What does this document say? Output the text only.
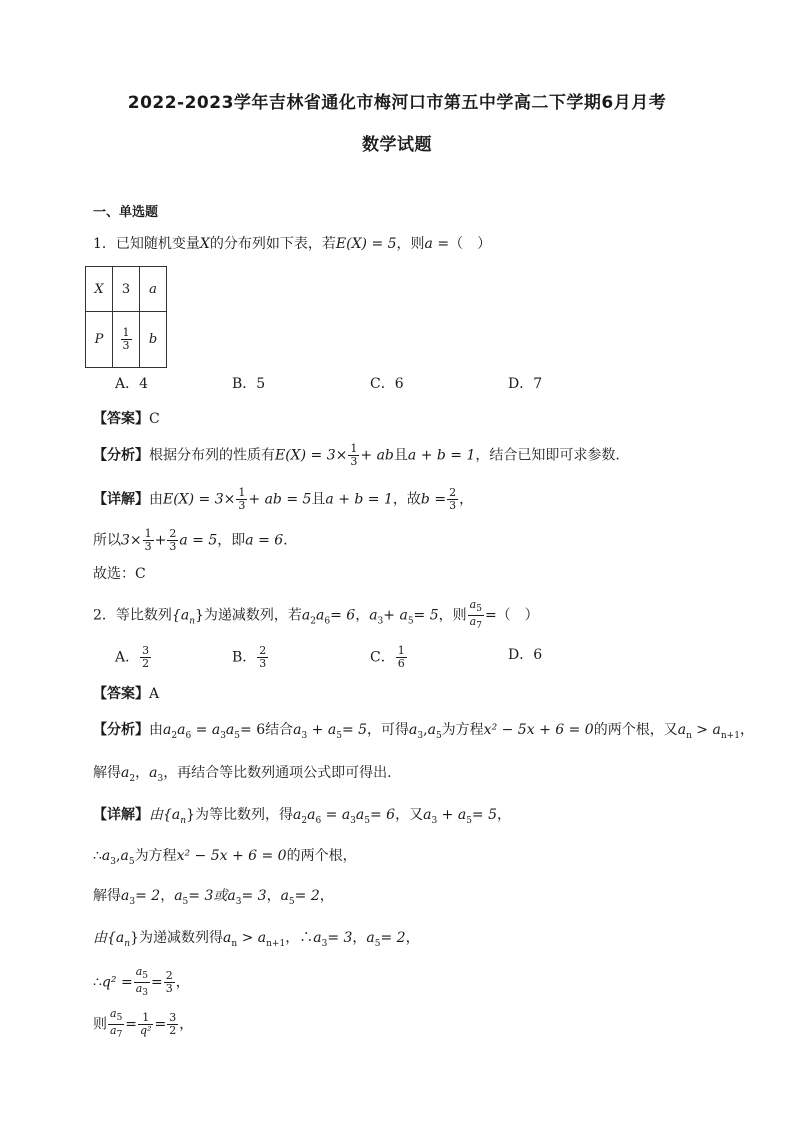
2022-2023学年吉林省通化市梅河口市第五中学高二下学期6月月考
数学试题
一、单选题
1．已知随机变量X的分布列如下表，若E(X) = 5，则a =（　）
X	3	a
P	$\frac{1}{3}$	b
A．4	B．5	C．6	D．7
【答案】C
【分析】根据分布列的性质有$E(X) = 3\times \frac{1}{3}$ + ab且a + b = 1，结合已知即可求参数.
【详解】由$E(X) = 3\times \frac{1}{3}$ + ab = 5且a + b = 1，故$b = \frac{2}{3}$ ，
所以$3\times \frac{1}{3} + \frac{2}{3}$ a = 5，即a = 6.
故选：C
2．等比数列$\{a_n\}$为递减数列，若$a_2a_6= 6$，$a_3+ a_5= 5$，则 $\frac{a_5}{a_7}$ =（　）
A． $\frac{3}{2}$	B． $\frac{2}{3}$	C． $\frac{1}{6}$	D．6
【答案】A
【分析】由$a_2a_6 = a_3a_5= 6$结合$a_3 + a_5= 5$，可得$a_3,a_5$为方程x² − 5x + 6 = 0的两个根，又$a_n > a_{n+1}$，
解得$a_2$，$a_3$，再结合等比数列通项公式即可得出.
【详解】由$\{a_n\}$为等比数列，得$a_2a_6 = a_3a_5= 6$，又$a_3 + a_5= 5$，
$\therefore a_3,a_5$为方程x² − 5x + 6 = 0的两个根，
解得$a_3= 2$，$a_5= 3$或$a_3= 3$，$a_5= 2$，
由$\{a_n\}$为递减数列得$a_n > a_{n+1}$，$\therefore a_3= 3$，$a_5= 2$，
∴q² = $\frac{a_5}{a_3} = \frac{2}{3}$ ，
则 $\frac{a_5}{a_7} = \frac{1}{\text{q²}} = \frac{3}{2}$ ，
